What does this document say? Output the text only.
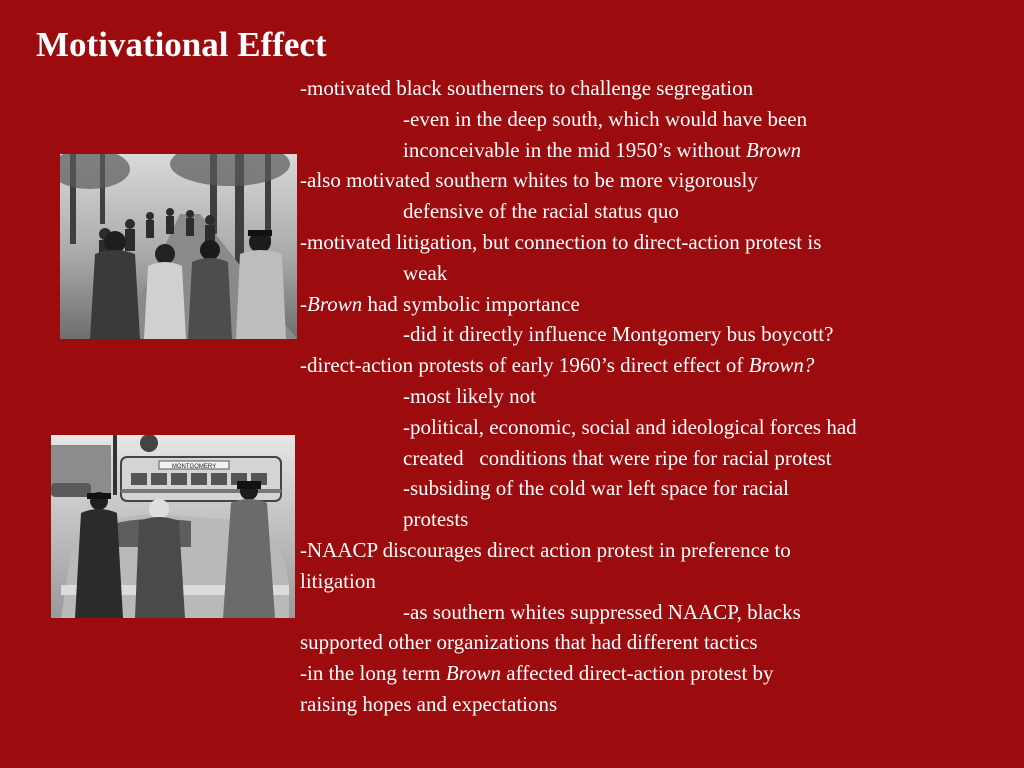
Motivational Effect
-motivated black southerners to challenge segregation
-even in the deep south, which would have been
inconceivable in the mid 1950’s without Brown
-also motivated southern whites to be more vigorously
defensive of the racial status quo
-motivated litigation, but connection to direct-action protest is
weak
-Brown had symbolic importance
-did it directly influence Montgomery bus boycott?
-direct-action protests of early 1960’s direct effect of Brown?
-most likely not
-political, economic, social and ideological forces had
created   conditions that were ripe for racial protest
-subsiding of the cold war left space for racial
protests
-NAACP discourages direct action protest in preference to
litigation
-as southern whites suppressed NAACP, blacks
supported other organizations that had different tactics
-in the long term Brown affected direct-action protest by
raising hopes and expectations
MONTGOMERY
